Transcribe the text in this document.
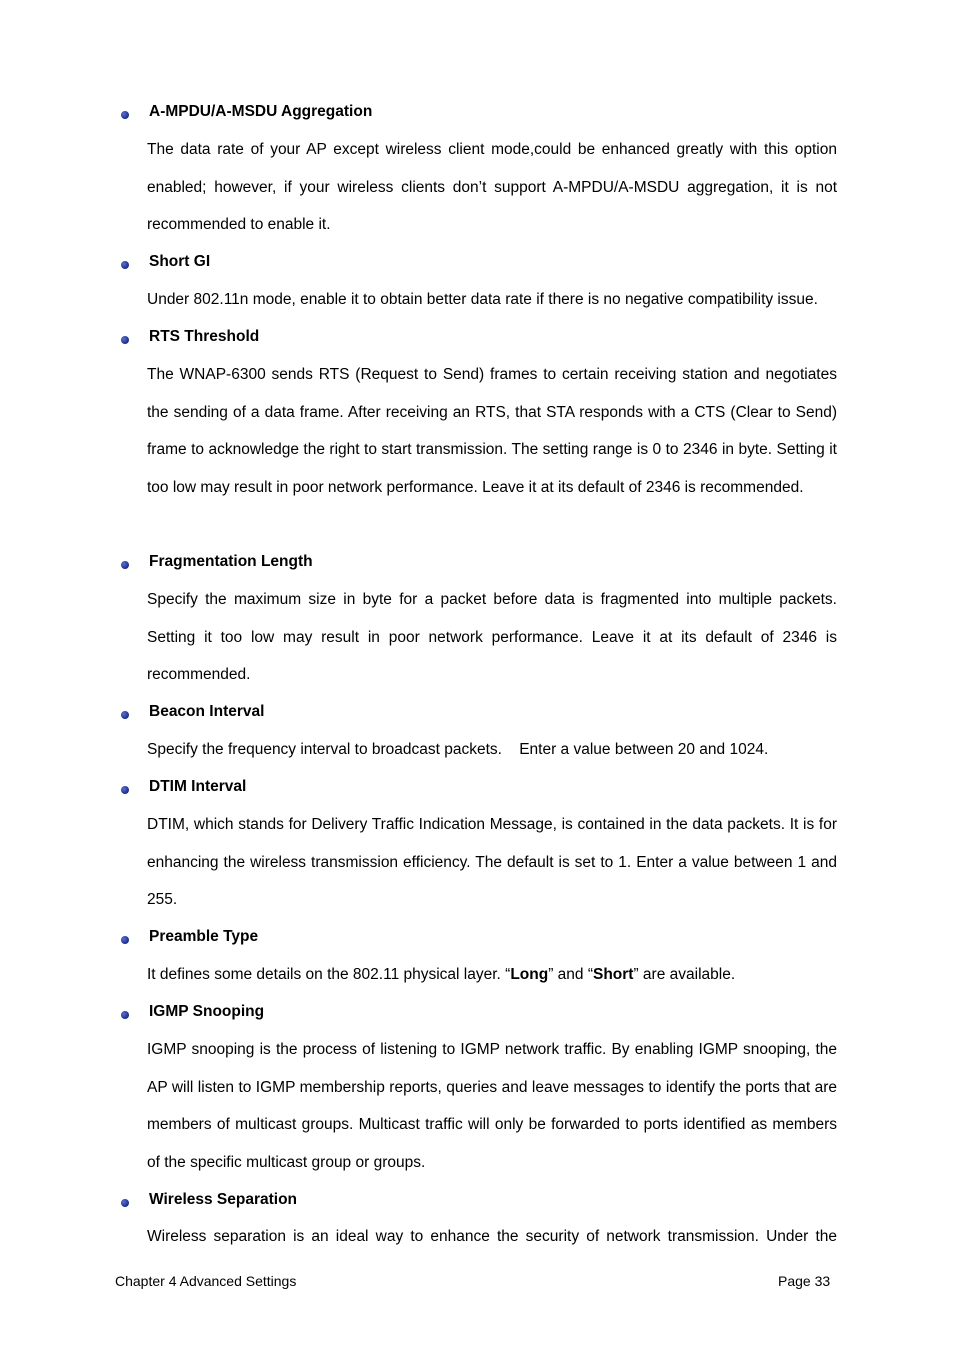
A-MPDU/A-MSDU Aggregation
The data rate of your AP except wireless client mode,could be enhanced greatly with this option enabled; however, if your wireless clients don’t support A-MPDU/A-MSDU aggregation, it is not recommended to enable it.
Short GI
Under 802.11n mode, enable it to obtain better data rate if there is no negative compatibility issue.
RTS Threshold
The WNAP-6300 sends RTS (Request to Send) frames to certain receiving station and negotiates the sending of a data frame. After receiving an RTS, that STA responds with a CTS (Clear to Send) frame to acknowledge the right to start transmission. The setting range is 0 to 2346 in byte. Setting it too low may result in poor network performance. Leave it at its default of 2346 is recommended.
Fragmentation Length
Specify the maximum size in byte for a packet before data is fragmented into multiple packets. Setting it too low may result in poor network performance. Leave it at its default of 2346 is recommended.
Beacon Interval
Specify the frequency interval to broadcast packets.    Enter a value between 20 and 1024.
DTIM Interval
DTIM, which stands for Delivery Traffic Indication Message, is contained in the data packets. It is for enhancing the wireless transmission efficiency. The default is set to 1. Enter a value between 1 and 255.
Preamble Type
It defines some details on the 802.11 physical layer. “Long” and “Short” are available.
IGMP Snooping
IGMP snooping is the process of listening to IGMP network traffic. By enabling IGMP snooping, the AP will listen to IGMP membership reports, queries and leave messages to identify the ports that are members of multicast groups. Multicast traffic will only be forwarded to ports identified as members of the specific multicast group or groups.
Wireless Separation
Wireless separation is an ideal way to enhance the security of network transmission. Under the
Chapter 4 Advanced Settings	Page 33
